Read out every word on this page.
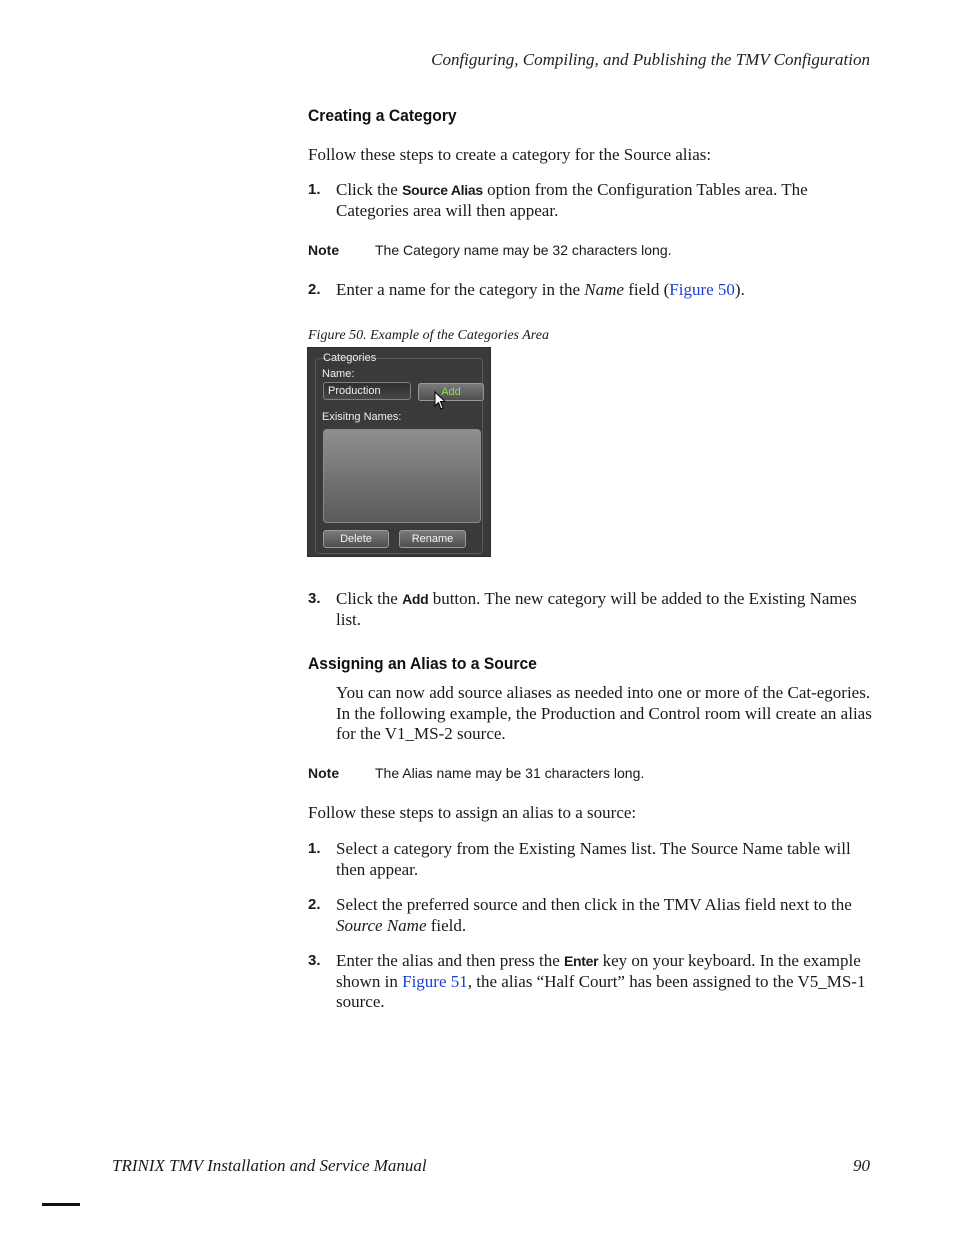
Configuring, Compiling, and Publishing the TMV Configuration
Creating a Category
Follow these steps to create a category for the Source alias:
1. Click the Source Alias option from the Configuration Tables area. The Categories area will then appear.
Note	The Category name may be 32 characters long.
2. Enter a name for the category in the Name field (Figure 50).
Figure 50. Example of the Categories Area
Categories
Name:
Production	Add
Exisitng Names:
Delete	Rename
3. Click the Add button. The new category will be added to the Existing Names list.
Assigning an Alias to a Source
You can now add source aliases as needed into one or more of the Cat-egories. In the following example, the Production and Control room will create an alias for the V1_MS-2 source.
Note	The Alias name may be 31 characters long.
Follow these steps to assign an alias to a source:
1. Select a category from the Existing Names list. The Source Name table will then appear.
2. Select the preferred source and then click in the TMV Alias field next to the Source Name field.
3. Enter the alias and then press the Enter key on your keyboard. In the example shown in Figure 51, the alias “Half Court” has been assigned to the V5_MS-1 source.
TRINIX TMV Installation and Service Manual	90
